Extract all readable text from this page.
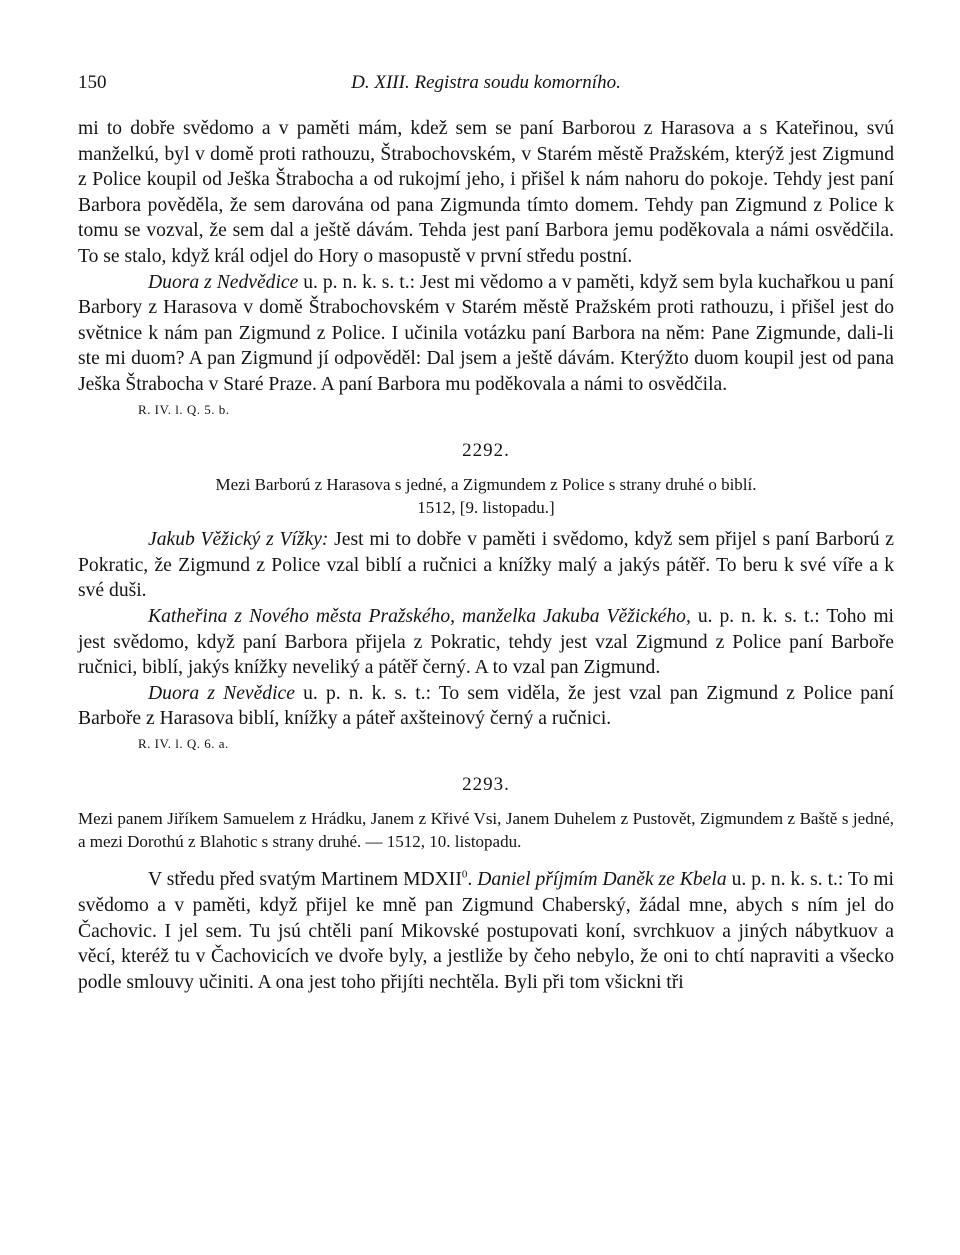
150	D. XIII. Registra soudu komorního.

mi to dobře svědomo a v paměti mám, kdež sem se paní Barborou z Harasova a s Kateřinou, svú manželkú, byl v domě proti rathouzu, Štrabochovském, v Starém městě Pražském, kterýž jest Zigmund z Police koupil od Ješka Štrabocha a od rukojmí jeho, i přišel k nám nahoru do pokoje. Tehdy jest paní Barbora pověděla, že sem darována od pana Zigmunda tímto domem. Tehdy pan Zigmund z Police k tomu se vozval, že sem dal a ještě dávám. Tehda jest paní Barbora jemu poděkovala a námi osvědčila. To se stalo, když král odjel do Hory o masopustě v první středu postní.

Duora z Nedvědice u. p. n. k. s. t.: Jest mi vědomo a v paměti, když sem byla kuchařkou u paní Barbory z Harasova v domě Štrabochovském v Starém městě Pražském proti rathouzu, i přišel jest do světnice k nám pan Zigmund z Police. I učinila votázku paní Barbora na něm: Pane Zigmunde, dali-li ste mi duom? A pan Zigmund jí odpověděl: Dal jsem a ještě dávám. Kterýžto duom koupil jest od pana Ješka Štrabocha v Staré Praze. A paní Barbora mu poděkovala a námi to osvědčila.

R. IV. l. Q. 5. b.
2292.

Mezi Barború z Harasova s jedné, a Zigmundem z Police s strany druhé o biblí.

1512, [9. listopadu.]

Jakub Věžický z Vížky: Jest mi to dobře v paměti i svědomo, když sem přijel s paní Barború z Pokratic, že Zigmund z Police vzal biblí a ručnici a knížky malý a jakýs pátěř. To beru k své víře a k své duši.

Katheřina z Nového města Pražského, manželka Jakuba Věžického, u. p. n. k. s. t.: Toho mi jest svědomo, když paní Barbora přijela z Pokratic, tehdy jest vzal Zigmund z Police paní Barboře ručnici, biblí, jakýs knížky neveliký a pátěř černý. A to vzal pan Zigmund.

Duora z Nevědice u. p. n. k. s. t.: To sem viděla, že jest vzal pan Zigmund z Police paní Barboře z Harasova biblí, knížky a páteř axšteinový černý a ručnici.

R. IV. l. Q. 6. a.
2293.

Mezi panem Jiříkem Samuelem z Hrádku, Janem z Křivé Vsi, Janem Duhelem z Pustovět, Zigmundem z Baště s jedné, a mezi Dorothú z Blahotic s strany druhé. — 1512, 10. listopadu.

V středu před svatým Martinem MDXII$^0$. Daniel příjmím Daněk ze Kbela u. p. n. k. s. t.: To mi svědomo a v paměti, když přijel ke mně pan Zigmund Chaberský, žádal mne, abych s ním jel do Čachovic. I jel sem. Tu jsú chtěli paní Mikovské postupovati koní, svrchkuov a jiných nábytkuov a věcí, kteréž tu v Čachovicích ve dvoře byly, a jestliže by čeho nebylo, že oni to chtí napraviti a všecko podle smlouvy učiniti. A ona jest toho přijíti nechtěla. Byli při tom všickni tři
